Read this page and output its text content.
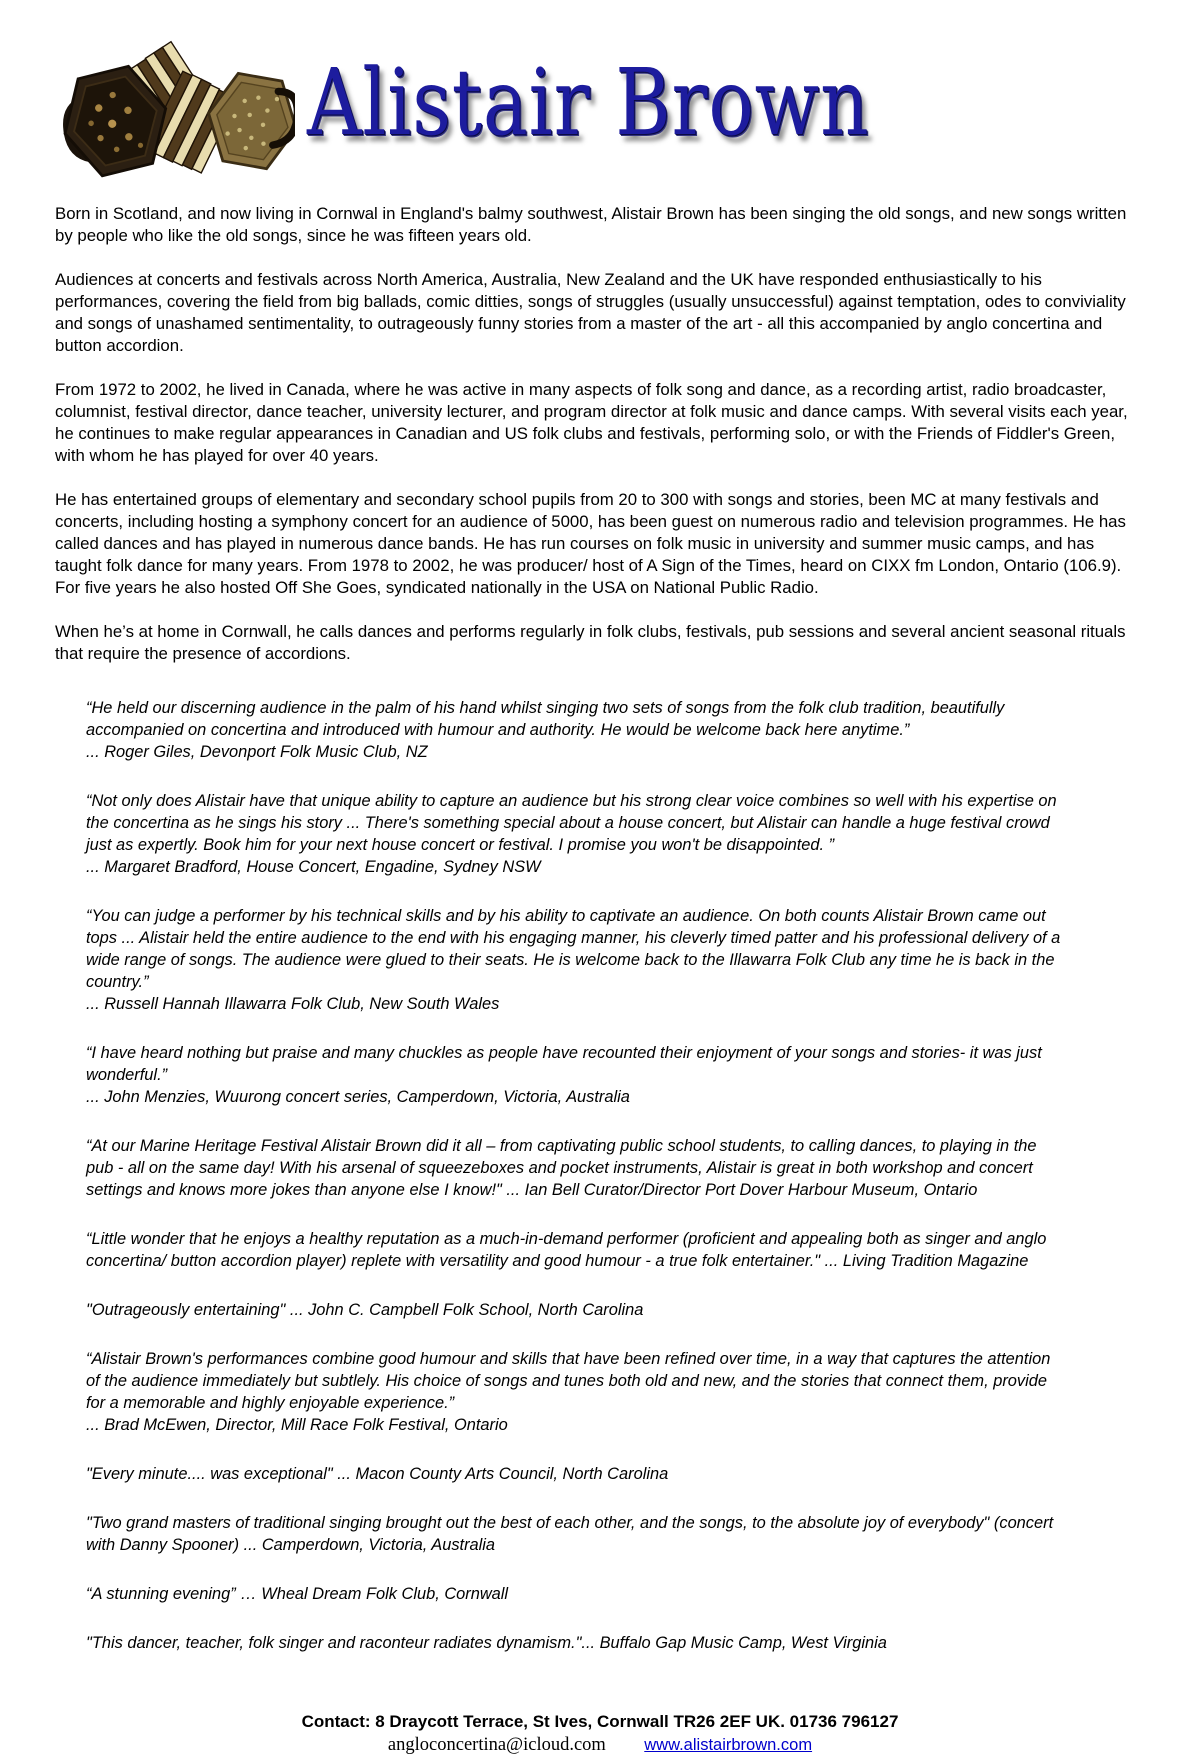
Alistair Brown

Born in Scotland, and now living in Cornwal in England's balmy southwest, Alistair Brown has been singing the old songs, and new songs written by people who like the old songs, since he was fifteen years old.

Audiences at concerts and festivals across North America, Australia, New Zealand and the UK have responded enthusiastically to his performances, covering the field from big ballads, comic ditties, songs of struggles (usually unsuccessful) against temptation, odes to conviviality and songs of unashamed sentimentality, to outrageously funny stories from a master of the art - all this accompanied by anglo concertina and button accordion.

From 1972 to 2002, he lived in Canada, where he was active in many aspects of folk song and dance, as a recording artist, radio broadcaster, columnist, festival director, dance teacher, university lecturer, and program director at folk music and dance camps. With several visits each year, he continues to make regular appearances in Canadian and US folk clubs and festivals, performing solo, or with the Friends of Fiddler's Green, with whom he has played for over 40 years.

He has entertained groups of elementary and secondary school pupils from 20 to 300 with songs and stories, been MC at many festivals and concerts, including hosting a symphony concert for an audience of 5000, has been guest on numerous radio and television programmes. He has called dances and has played in numerous dance bands. He has run courses on folk music in university and summer music camps, and has taught folk dance for many years. From 1978 to 2002, he was producer/ host of A Sign of the Times, heard on CIXX fm London, Ontario (106.9). For five years he also hosted Off She Goes, syndicated nationally in the USA on National Public Radio.

When he’s at home in Cornwall, he calls dances and performs regularly in folk clubs, festivals, pub sessions and several ancient seasonal rituals that require the presence of accordions.

“He held our discerning audience in the palm of his hand whilst singing two sets of songs from the folk club tradition, beautifully accompanied on concertina and introduced with humour and authority. He would be welcome back here anytime.”
... Roger Giles, Devonport Folk Music Club, NZ
“Not only does Alistair have that unique ability to capture an audience but his strong clear voice combines so well with his expertise on the concertina as he sings his story ... There's something special about a house concert, but Alistair can handle a huge festival crowd just as expertly. Book him for your next house concert or festival. I promise you won't be disappointed. ”
... Margaret Bradford, House Concert, Engadine, Sydney NSW
“You can judge a performer by his technical skills and by his ability to captivate an audience. On both counts Alistair Brown came out tops ... Alistair held the entire audience to the end with his engaging manner, his cleverly timed patter and his professional delivery of a wide range of songs. The audience were glued to their seats. He is welcome back to the Illawarra Folk Club any time he is back in the country.”
... Russell Hannah Illawarra Folk Club, New South Wales
“I have heard nothing but praise and many chuckles as people have recounted their enjoyment of your songs and stories- it was just wonderful.”
... John Menzies, Wuurong concert series, Camperdown, Victoria, Australia
“At our Marine Heritage Festival Alistair Brown did it all – from captivating public school students, to calling dances, to playing in the pub - all on the same day! With his arsenal of squeezeboxes and pocket instruments, Alistair is great in both workshop and concert settings and knows more jokes than anyone else I know!" ... Ian Bell Curator/Director Port Dover Harbour Museum, Ontario
“Little wonder that he enjoys a healthy reputation as a much-in-demand performer (proficient and appealing both as singer and anglo concertina/ button accordion player) replete with versatility and good humour - a true folk entertainer." ... Living Tradition Magazine
"Outrageously entertaining" ... John C. Campbell Folk School, North Carolina
“Alistair Brown's performances combine good humour and skills that have been refined over time, in a way that captures the attention of the audience immediately but subtlely. His choice of songs and tunes both old and new, and the stories that connect them, provide for a memorable and highly enjoyable experience.”
... Brad McEwen, Director, Mill Race Folk Festival, Ontario
"Every minute.... was exceptional" ... Macon County Arts Council, North Carolina
"Two grand masters of traditional singing brought out the best of each other, and the songs, to the absolute joy of everybody" (concert with Danny Spooner) ... Camperdown, Victoria, Australia
“A stunning evening” … Wheal Dream Folk Club, Cornwall
"This dancer, teacher, folk singer and raconteur radiates dynamism."... Buffalo Gap Music Camp, West Virginia
Contact: 8 Draycott Terrace, St Ives, Cornwall TR26 2EF UK. 01736 796127
angloconcertina@icloud.com www.alistairbrown.com
